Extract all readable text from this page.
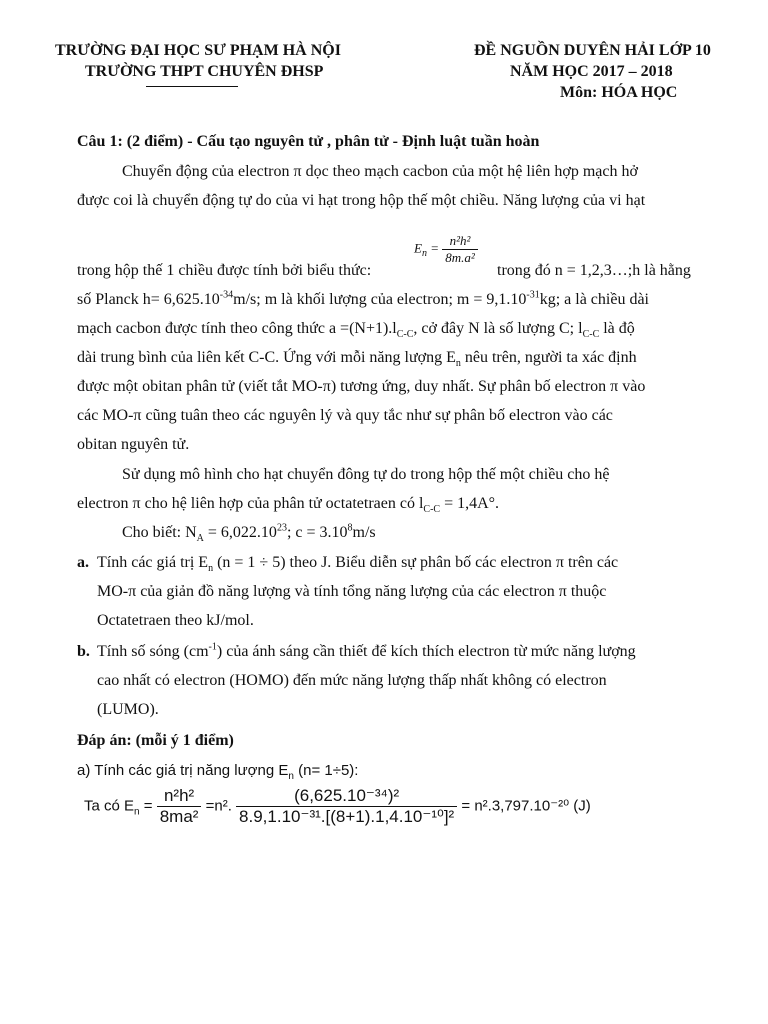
TRƯỜNG ĐẠI HỌC SƯ PHẠM HÀ NỘI
TRƯỜNG THPT CHUYÊN ĐHSP
ĐỀ NGUỒN DUYÊN HẢI LỚP 10
NĂM HỌC 2017 – 2018
Môn: HÓA HỌC
Câu 1: (2 điểm) - Cấu tạo nguyên tử , phân tử - Định luật tuần hoàn
Chuyển động của electron π dọc theo mạch cacbon của một hệ liên hợp mạch hở
được coi là chuyển động tự do của vi hạt trong hộp thế một chiều. Năng lượng của vi hạt
trong hộp thế 1 chiều được tính bởi biểu thức:
$E_n = \frac{\text{n²h²}}{\text{8m.a²}}$
trong đó n = 1,2,3…;h là hằng
số Planck $h= 6,625.10^{-34}m/s$; m là khối lượng của electron; $m = 9,1.10^{-31}kg$; a là chiều dài
mạch cacbon được tính theo công thức $a =(N+1).l_{C-C}$, cở đây N là số lượng C; $l_{C-C}$ là độ
dài trung bình của liên kết C-C. Ứng với mỗi năng lượng $E_n$ nêu trên, người ta xác định
được một obitan phân tử (viết tắt MO-π) tương ứng, duy nhất. Sự phân bố electron π vào
các MO-π cũng tuân theo các nguyên lý và quy tắc như sự phân bố electron vào các
obitan nguyên tử.
Sử dụng mô hình cho hạt chuyển đông tự do trong hộp thế một chiều cho hệ
electron π cho hệ liên hợp của phân tử octatetraen có $l_{C-C} = 1,4A^\circ$.
Cho biết: $N_A = 6,022.10^{23}$; $c = 3.10^8m/s$
a. Tính các giá trị $E_n$ (n = 1 ÷ 5) theo J. Biểu diễn sự phân bố các electron π trên các
MO-π của giản đồ năng lượng và tính tổng năng lượng của các electron π thuộc
Octatetraen theo kJ/mol.
b. Tính số sóng $(cm^{-1})$ của ánh sáng cần thiết để kích thích electron từ mức năng lượng
cao nhất có electron (HOMO) đến mức năng lượng thấp nhất không có electron
(LUMO).
Đáp án: (mỗi ý 1 điểm)
a) Tính các giá trị năng lượng $E_n$ (n= 1÷5):
Ta có $E_n = \frac{\text{n²h²}}{\text{8ma²}} =n^2$. $\frac{\text{(6,625.10⁻³⁴)²}}{\text{8.9,1.10⁻³¹.[(8+1).1,4.10⁻¹⁰]²}} = n^2.3,797.10^{-20}$ (J)
